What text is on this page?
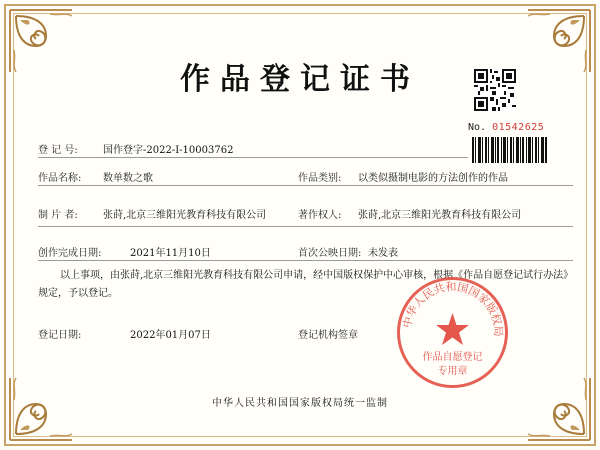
作品登记证书
No. 01542625
登 记 号:	国作登字-2022-I-10003762
作品名称: 数单数之歌	作品类别: 以类似摄制电影的方法创作的作品
制 片 者:	张莳,北京三维阳光教育科技有限公司	著作权人: 张莳,北京三维阳光教育科技有限公司
创作完成日期:	2021年11月10日	首次公映日期: 未发表
以上事项，由张莳,北京三维阳光教育科技有限公司申请，经中国版权保护中心审核，根据《作品自愿登记试行办法》规定，予以登记。
登记日期:	2022年01月07日	登记机构签章
中华人民共和国国家版权局
作品自愿登记
专用章
中华人民共和国国家版权局统一监制
